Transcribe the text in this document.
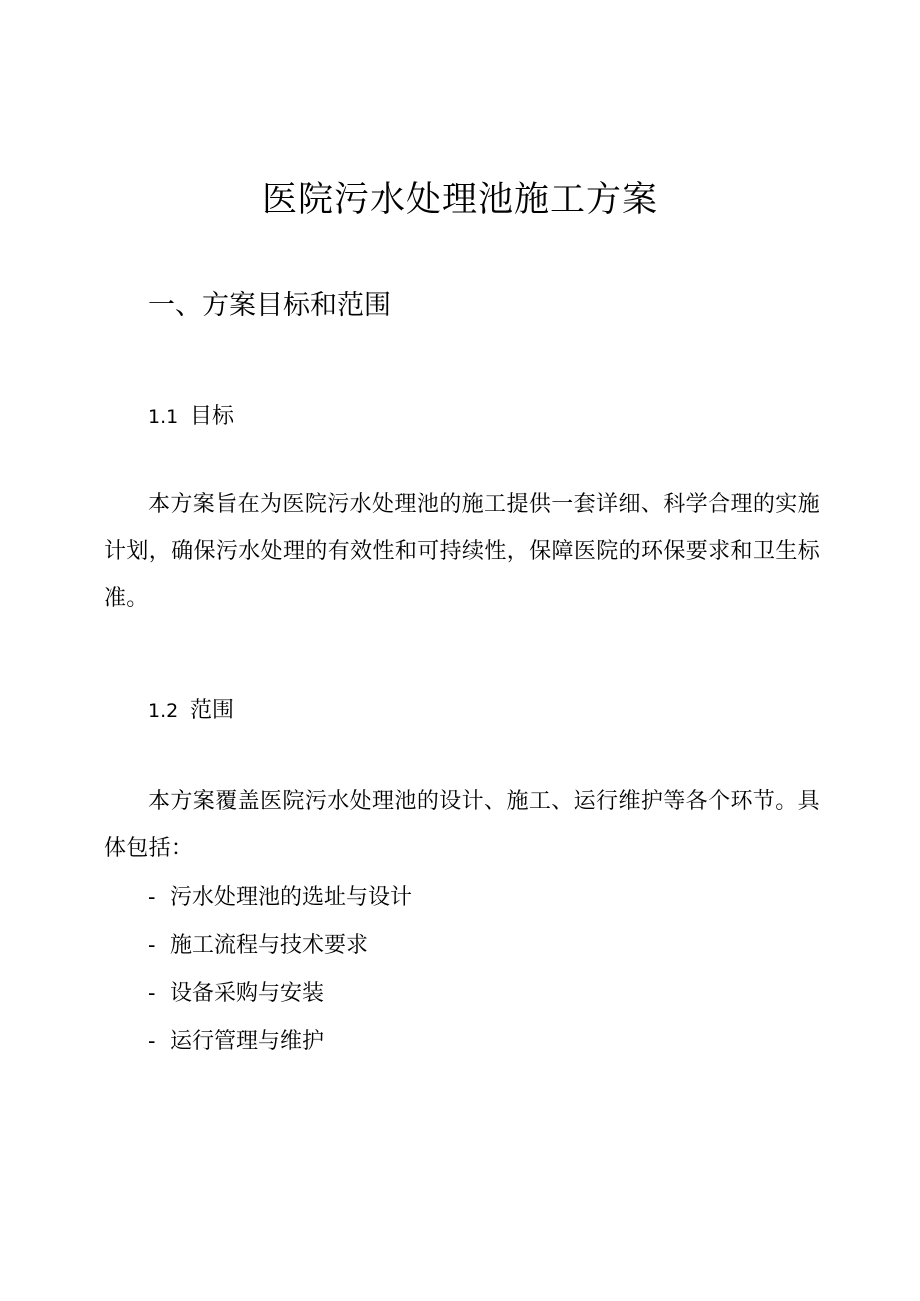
医院污水处理池施工方案
一、方案目标和范围
1.1 目标
本方案旨在为医院污水处理池的施工提供一套详细、科学合理的实施计划，确保污水处理的有效性和可持续性，保障医院的环保要求和卫生标准。
1.2 范围
本方案覆盖医院污水处理池的设计、施工、运行维护等各个环节。具体包括：
- 污水处理池的选址与设计
- 施工流程与技术要求
- 设备采购与安装
- 运行管理与维护
